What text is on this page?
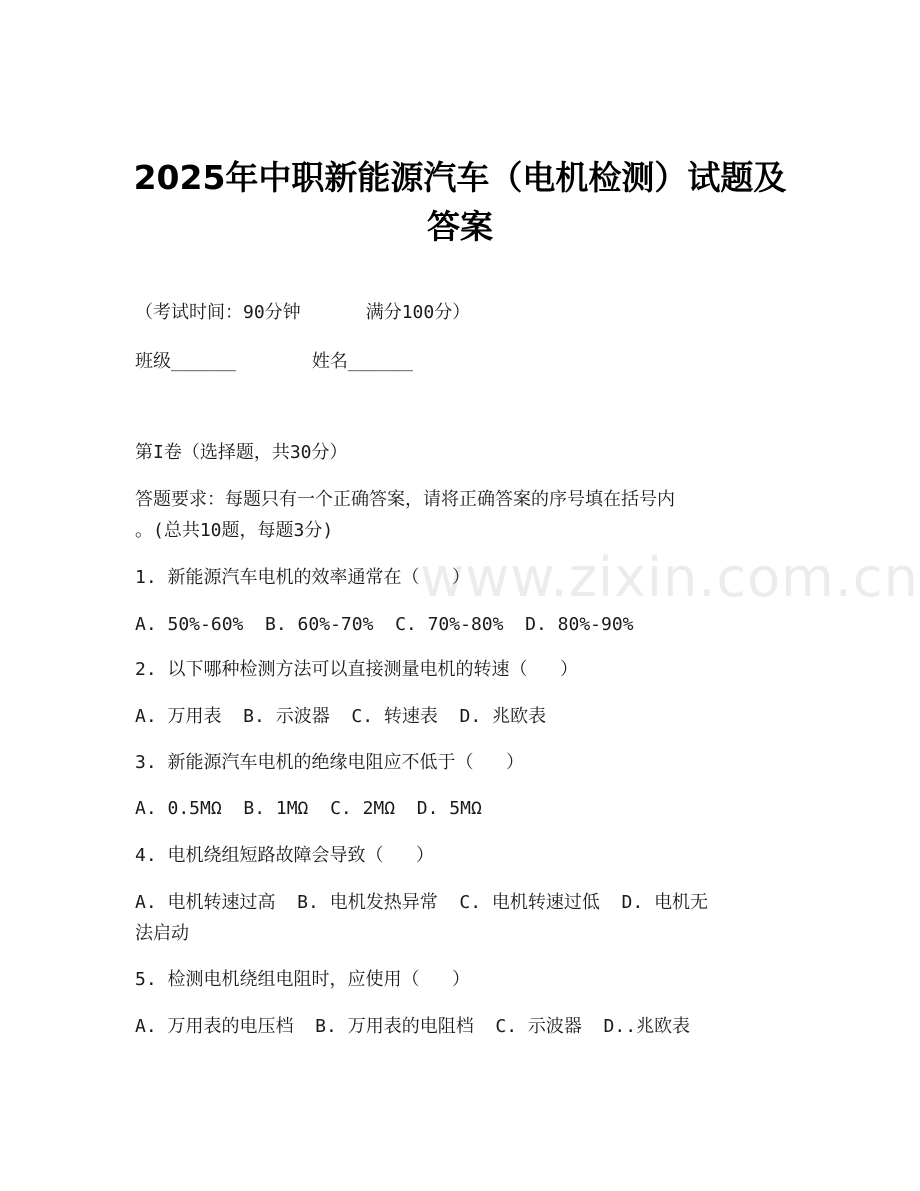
2025年中职新能源汽车（电机检测）试题及
答案
（考试时间：90分钟      满分100分）
班级______       姓名______
第I卷（选择题，共30分）
答题要求：每题只有一个正确答案，请将正确答案的序号填在括号内
。(总共10题，每题3分)
1. 新能源汽车电机的效率通常在（   ）
A. 50%-60%  B. 60%-70%  C. 70%-80%  D. 80%-90%
2. 以下哪种检测方法可以直接测量电机的转速（   ）
A. 万用表  B. 示波器  C. 转速表  D. 兆欧表
3. 新能源汽车电机的绝缘电阻应不低于（   ）
A. 0.5MΩ  B. 1MΩ  C. 2MΩ  D. 5MΩ
4. 电机绕组短路故障会导致（   ）
A. 电机转速过高  B. 电机发热异常  C. 电机转速过低  D. 电机无
法启动
5. 检测电机绕组电阻时，应使用（   ）
A. 万用表的电压档  B. 万用表的电阻档  C. 示波器  D..兆欧表
www.zixin.com.cn
